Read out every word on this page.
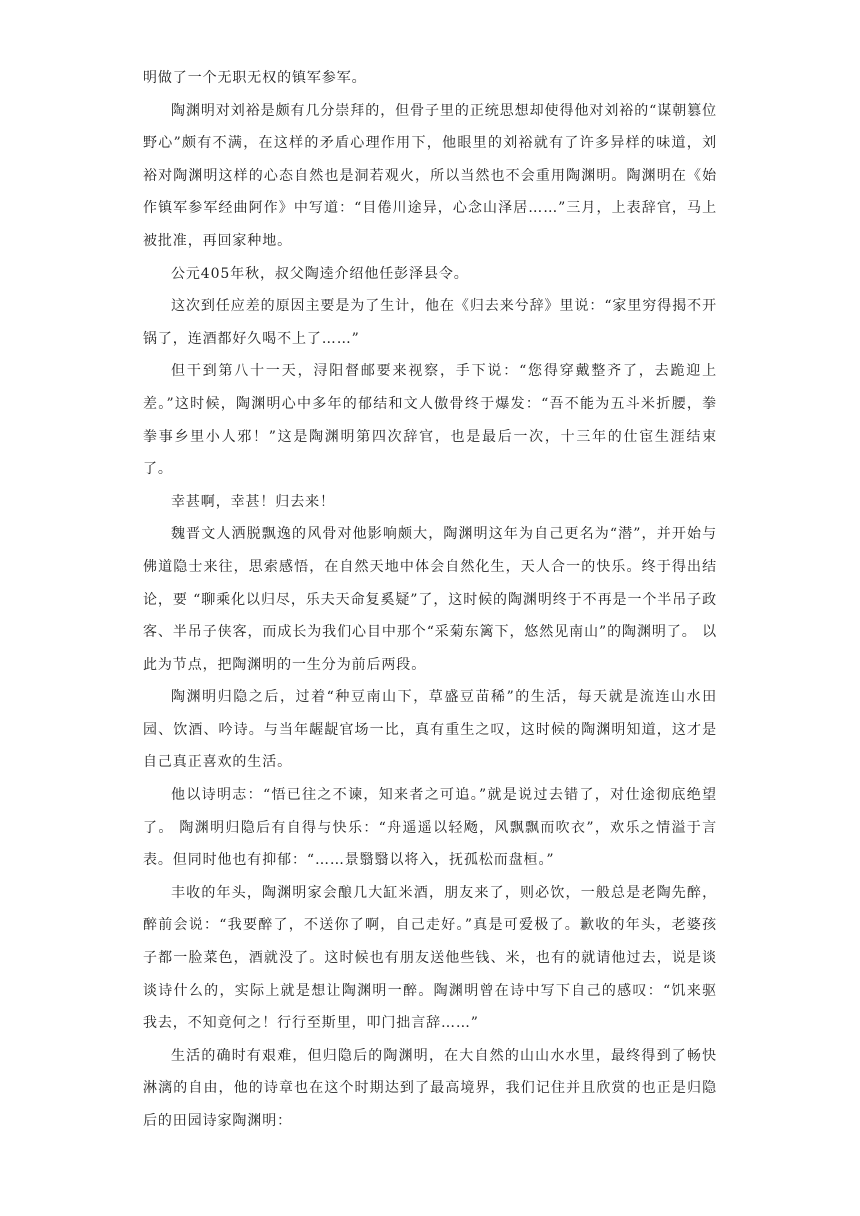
明做了一个无职无权的镇军参军。

陶渊明对刘裕是颇有几分崇拜的，但骨子里的正统思想却使得他对刘裕的“谋朝篡位野心”颇有不满，在这样的矛盾心理作用下，他眼里的刘裕就有了许多异样的味道，刘裕对陶渊明这样的心态自然也是洞若观火，所以当然也不会重用陶渊明。陶渊明在《始作镇军参军经曲阿作》中写道：“目倦川途异，心念山泽居……”三月，上表辞官，马上被批准，再回家种地。

公元405年秋，叔父陶逵介绍他任彭泽县令。

这次到任应差的原因主要是为了生计，他在《归去来兮辞》里说：“家里穷得揭不开锅了，连酒都好久喝不上了……”

但干到第八十一天，浔阳督邮要来视察，手下说：“您得穿戴整齐了，去跪迎上差。”这时候，陶渊明心中多年的郁结和文人傲骨终于爆发：“吾不能为五斗米折腰，拳拳事乡里小人邪！”这是陶渊明第四次辞官，也是最后一次，十三年的仕宦生涯结束了。

幸甚啊，幸甚！归去来！

魏晋文人洒脱飘逸的风骨对他影响颇大，陶渊明这年为自己更名为“潜”，并开始与佛道隐士来往，思索感悟，在自然天地中体会自然化生，天人合一的快乐。终于得出结论，要 “聊乘化以归尽，乐夫天命复奚疑”了，这时候的陶渊明终于不再是一个半吊子政客、半吊子侠客，而成长为我们心目中那个“采菊东篱下，悠然见南山”的陶渊明了。 以此为节点，把陶渊明的一生分为前后两段。

陶渊明归隐之后，过着“种豆南山下，草盛豆苗稀”的生活，每天就是流连山水田园、饮酒、吟诗。与当年龌龊官场一比，真有重生之叹，这时候的陶渊明知道，这才是自己真正喜欢的生活。

他以诗明志：“悟已往之不谏，知来者之可追。”就是说过去错了，对仕途彻底绝望了。 陶渊明归隐后有自得与快乐：“舟遥遥以轻飏，风飘飘而吹衣”，欢乐之情溢于言表。但同时他也有抑郁：“……景翳翳以将入，抚孤松而盘桓。”

丰收的年头，陶渊明家会酿几大缸米酒，朋友来了，则必饮，一般总是老陶先醉，醉前会说：“我要醉了，不送你了啊，自己走好。”真是可爱极了。歉收的年头，老婆孩子都一脸菜色，酒就没了。这时候也有朋友送他些钱、米，也有的就请他过去，说是谈谈诗什么的，实际上就是想让陶渊明一醉。陶渊明曾在诗中写下自己的感叹：“饥来驱我去，不知竟何之！行行至斯里，叩门拙言辞……”

生活的确时有艰难，但归隐后的陶渊明，在大自然的山山水水里，最终得到了畅快淋漓的自由，他的诗章也在这个时期达到了最高境界，我们记住并且欣赏的也正是归隐后的田园诗家陶渊明：
